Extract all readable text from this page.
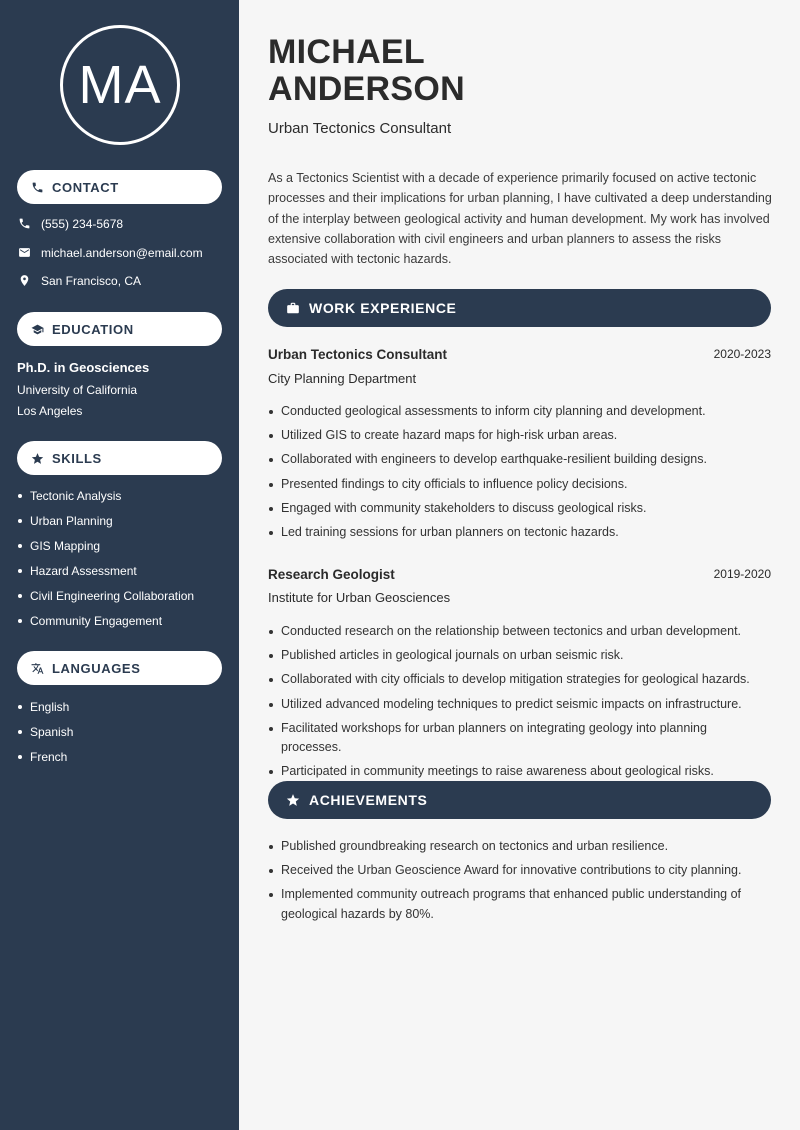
MA
CONTACT
(555) 234-5678
michael.anderson@email.com
San Francisco, CA
EDUCATION
Ph.D. in Geosciences
University of California
Los Angeles
SKILLS
Tectonic Analysis
Urban Planning
GIS Mapping
Hazard Assessment
Civil Engineering Collaboration
Community Engagement
LANGUAGES
English
Spanish
French
MICHAEL
ANDERSON
Urban Tectonics Consultant
As a Tectonics Scientist with a decade of experience primarily focused on active tectonic processes and their implications for urban planning, I have cultivated a deep understanding of the interplay between geological activity and human development. My work has involved extensive collaboration with civil engineers and urban planners to assess the risks associated with tectonic hazards.
WORK EXPERIENCE
Urban Tectonics Consultant	2020-2023
City Planning Department
Conducted geological assessments to inform city planning and development.
Utilized GIS to create hazard maps for high-risk urban areas.
Collaborated with engineers to develop earthquake-resilient building designs.
Presented findings to city officials to influence policy decisions.
Engaged with community stakeholders to discuss geological risks.
Led training sessions for urban planners on tectonic hazards.
Research Geologist	2019-2020
Institute for Urban Geosciences
Conducted research on the relationship between tectonics and urban development.
Published articles in geological journals on urban seismic risk.
Collaborated with city officials to develop mitigation strategies for geological hazards.
Utilized advanced modeling techniques to predict seismic impacts on infrastructure.
Facilitated workshops for urban planners on integrating geology into planning processes.
Participated in community meetings to raise awareness about geological risks.
ACHIEVEMENTS
Published groundbreaking research on tectonics and urban resilience.
Received the Urban Geoscience Award for innovative contributions to city planning.
Implemented community outreach programs that enhanced public understanding of geological hazards by 80%.
